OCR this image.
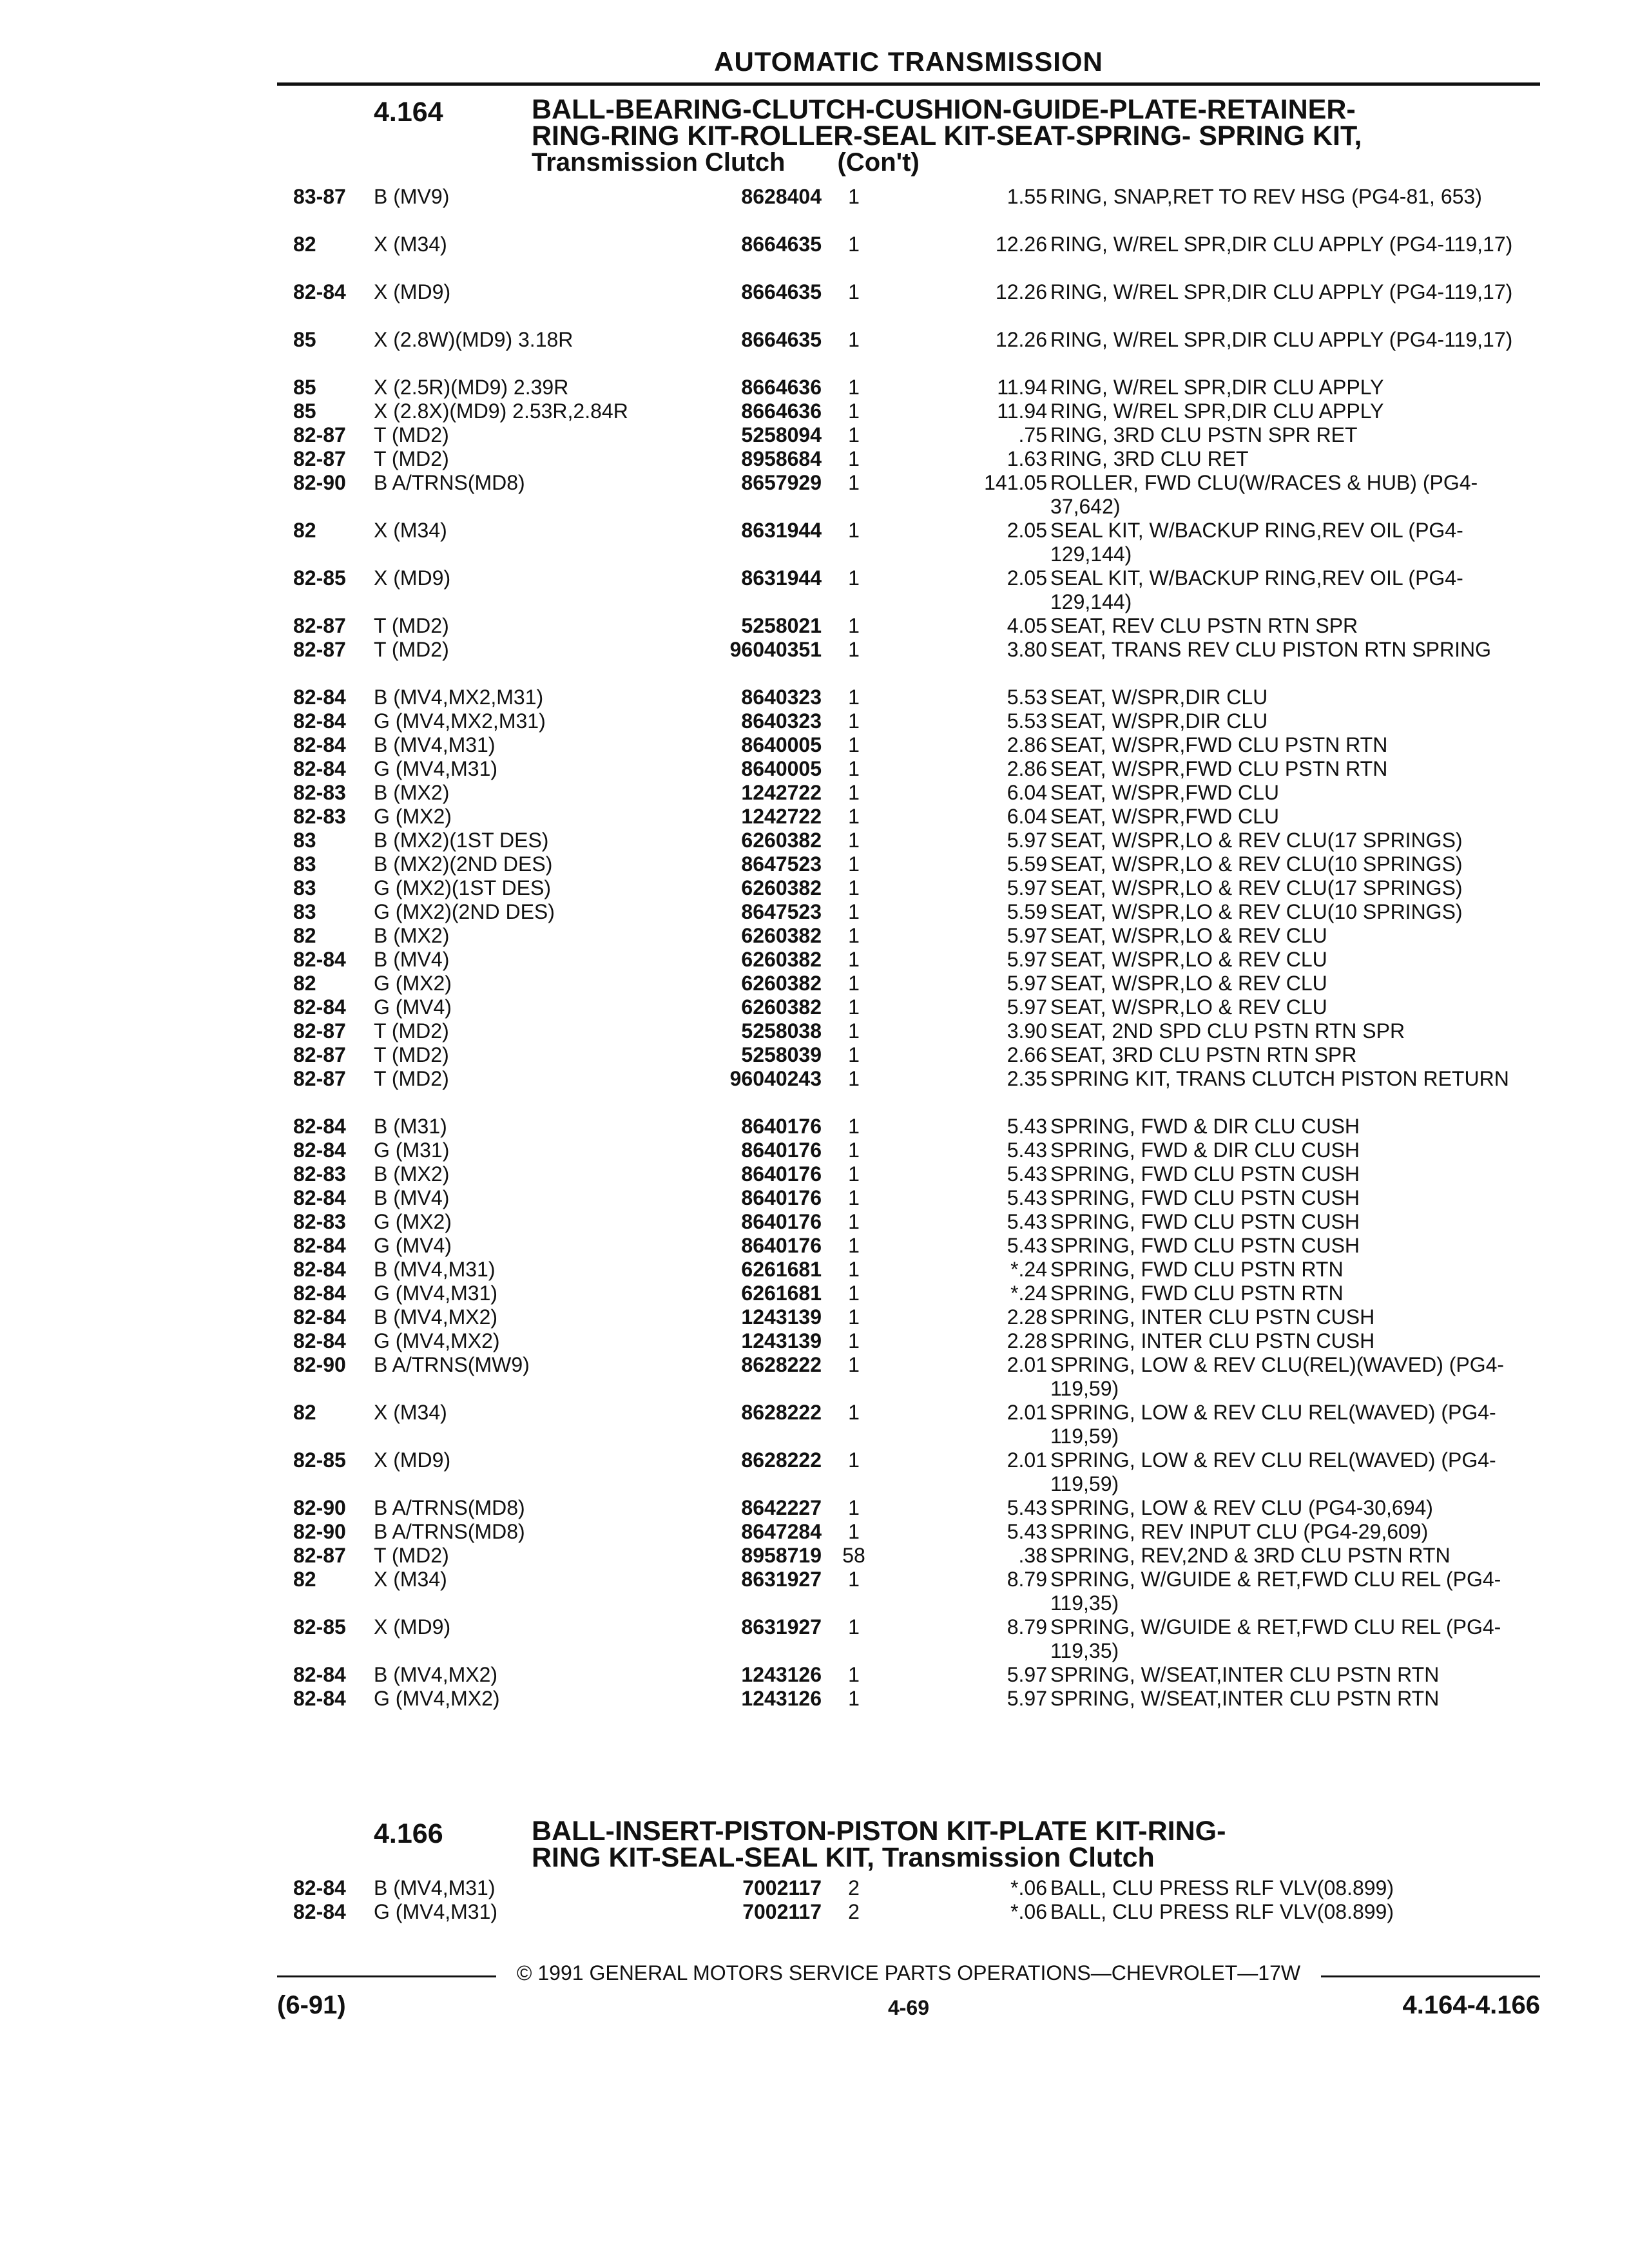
AUTOMATIC TRANSMISSION
4.164	BALL-BEARING-CLUTCH-CUSHION-GUIDE-PLATE-RETAINER-
RING-RING KIT-ROLLER-SEAL KIT-SEAT-SPRING- SPRING KIT,
Transmission Clutch (Con't)
83-87	B (MV9)	8628404	1	1.55 RING, SNAP,RET TO REV HSG (PG4-81, 653)
82	X (M34)	8664635	1	12.26 RING, W/REL SPR,DIR CLU APPLY (PG4-119,17)
82-84	X (MD9)	8664635	1	12.26 RING, W/REL SPR,DIR CLU APPLY (PG4-119,17)
85	X (2.8W)(MD9) 3.18R	8664635	1	12.26 RING, W/REL SPR,DIR CLU APPLY (PG4-119,17)
85	X (2.5R)(MD9) 2.39R	8664636	1	11.94 RING, W/REL SPR,DIR CLU APPLY
85	X (2.8X)(MD9) 2.53R,2.84R	8664636	1	11.94 RING, W/REL SPR,DIR CLU APPLY
82-87	T (MD2)	5258094	1	.75 RING, 3RD CLU PSTN SPR RET
82-87	T (MD2)	8958684	1	1.63 RING, 3RD CLU RET
82-90	B A/TRNS(MD8)	8657929	1	141.05 ROLLER, FWD CLU(W/RACES & HUB) (PG4-37,642)
82	X (M34)	8631944	1	2.05 SEAL KIT, W/BACKUP RING,REV OIL (PG4-129,144)
82-85	X (MD9)	8631944	1	2.05 SEAL KIT, W/BACKUP RING,REV OIL (PG4-129,144)
82-87	T (MD2)	5258021	1	4.05 SEAT, REV CLU PSTN RTN SPR
82-87	T (MD2)	96040351	1	3.80 SEAT, TRANS REV CLU PISTON RTN SPRING
82-84	B (MV4,MX2,M31)	8640323	1	5.53 SEAT, W/SPR,DIR CLU
82-84	G (MV4,MX2,M31)	8640323	1	5.53 SEAT, W/SPR,DIR CLU
82-84	B (MV4,M31)	8640005	1	2.86 SEAT, W/SPR,FWD CLU PSTN RTN
82-84	G (MV4,M31)	8640005	1	2.86 SEAT, W/SPR,FWD CLU PSTN RTN
82-83	B (MX2)	1242722	1	6.04 SEAT, W/SPR,FWD CLU
82-83	G (MX2)	1242722	1	6.04 SEAT, W/SPR,FWD CLU
83	B (MX2)(1ST DES)	6260382	1	5.97 SEAT, W/SPR,LO & REV CLU(17 SPRINGS)
83	B (MX2)(2ND DES)	8647523	1	5.59 SEAT, W/SPR,LO & REV CLU(10 SPRINGS)
83	G (MX2)(1ST DES)	6260382	1	5.97 SEAT, W/SPR,LO & REV CLU(17 SPRINGS)
83	G (MX2)(2ND DES)	8647523	1	5.59 SEAT, W/SPR,LO & REV CLU(10 SPRINGS)
82	B (MX2)	6260382	1	5.97 SEAT, W/SPR,LO & REV CLU
82-84	B (MV4)	6260382	1	5.97 SEAT, W/SPR,LO & REV CLU
82	G (MX2)	6260382	1	5.97 SEAT, W/SPR,LO & REV CLU
82-84	G (MV4)	6260382	1	5.97 SEAT, W/SPR,LO & REV CLU
82-87	T (MD2)	5258038	1	3.90 SEAT, 2ND SPD CLU PSTN RTN SPR
82-87	T (MD2)	5258039	1	2.66 SEAT, 3RD CLU PSTN RTN SPR
82-87	T (MD2)	96040243	1	2.35 SPRING KIT, TRANS CLUTCH PISTON RETURN
82-84	B (M31)	8640176	1	5.43 SPRING, FWD & DIR CLU CUSH
82-84	G (M31)	8640176	1	5.43 SPRING, FWD & DIR CLU CUSH
82-83	B (MX2)	8640176	1	5.43 SPRING, FWD CLU PSTN CUSH
82-84	B (MV4)	8640176	1	5.43 SPRING, FWD CLU PSTN CUSH
82-83	G (MX2)	8640176	1	5.43 SPRING, FWD CLU PSTN CUSH
82-84	G (MV4)	8640176	1	5.43 SPRING, FWD CLU PSTN CUSH
82-84	B (MV4,M31)	6261681	1	*.24 SPRING, FWD CLU PSTN RTN
82-84	G (MV4,M31)	6261681	1	*.24 SPRING, FWD CLU PSTN RTN
82-84	B (MV4,MX2)	1243139	1	2.28 SPRING, INTER CLU PSTN CUSH
82-84	G (MV4,MX2)	1243139	1	2.28 SPRING, INTER CLU PSTN CUSH
82-90	B A/TRNS(MW9)	8628222	1	2.01 SPRING, LOW & REV CLU(REL)(WAVED) (PG4-119,59)
82	X (M34)	8628222	1	2.01 SPRING, LOW & REV CLU REL(WAVED) (PG4-119,59)
82-85	X (MD9)	8628222	1	2.01 SPRING, LOW & REV CLU REL(WAVED) (PG4-119,59)
82-90	B A/TRNS(MD8)	8642227	1	5.43 SPRING, LOW & REV CLU (PG4-30,694)
82-90	B A/TRNS(MD8)	8647284	1	5.43 SPRING, REV INPUT CLU (PG4-29,609)
82-87	T (MD2)	8958719	58	.38 SPRING, REV,2ND & 3RD CLU PSTN RTN
82	X (M34)	8631927	1	8.79 SPRING, W/GUIDE & RET,FWD CLU REL (PG4-119,35)
82-85	X (MD9)	8631927	1	8.79 SPRING, W/GUIDE & RET,FWD CLU REL (PG4-119,35)
82-84	B (MV4,MX2)	1243126	1	5.97 SPRING, W/SEAT,INTER CLU PSTN RTN
82-84	G (MV4,MX2)	1243126	1	5.97 SPRING, W/SEAT,INTER CLU PSTN RTN
4.166	BALL-INSERT-PISTON-PISTON KIT-PLATE KIT-RING-
RING KIT-SEAL-SEAL KIT, Transmission Clutch
82-84	B (MV4,M31)	7002117	2	*.06 BALL, CLU PRESS RLF VLV(08.899)
82-84	G (MV4,M31)	7002117	2	*.06 BALL, CLU PRESS RLF VLV(08.899)
© 1991 GENERAL MOTORS SERVICE PARTS OPERATIONS—CHEVROLET—17W
(6-91)	4-69	4.164-4.166
